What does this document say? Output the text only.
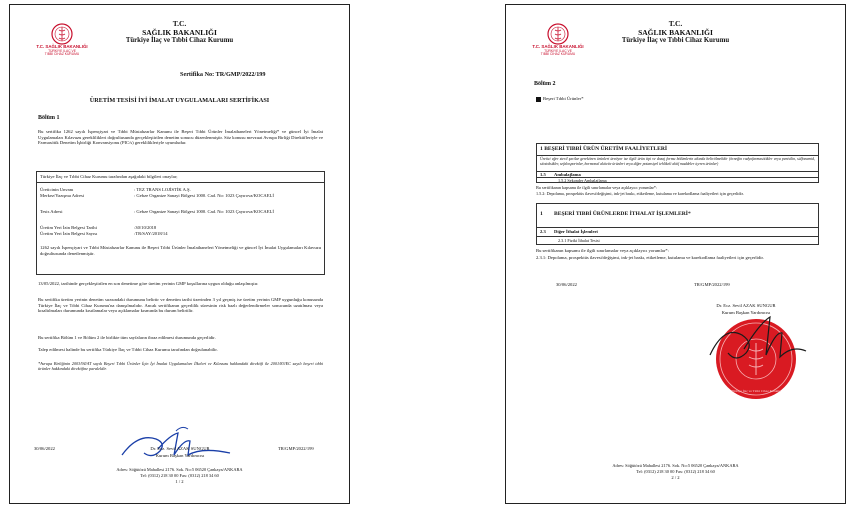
T.C. SAĞLIK BAKANLIĞI
TÜRKİYE İLAÇ VE
TIBBİ CİHAZ KURUMU
T.C.
SAĞLIK BAKANLIĞI
Türkiye İlaç ve Tıbbi Cihaz Kurumu
Sertifika No: TR/GMP/2022/199
ÜRETİM TESİSİ İYİ İMALAT UYGULAMALARI SERTİFİKASI
Bölüm 1
Bu sertifika 1262 sayılı İspençiyari ve Tıbbi Müstahzarlar Kanunu ile Beşeri Tıbbi Ürünler İmalathaneleri Yönetmeliği* ve güncel İyi İmalat Uygulamaları Kılavuzu gereklilikleri doğrultusunda gerçekleştirilen denetim sonucu düzenlenmiştir. Söz konusu mevzuat Avrupa Birliği Direktifleriyle ve Farmasötik Denetim İşbirliği Konvansiyonu (PIC/s) gereklilikleriyle uyumludur.
Türkiye İlaç ve Tıbbi Cihaz Kurumu tarafından aşağıdaki bilgileri onaylar;
Üreticinin Unvanı	: TEZ TRANS LOJİSTİK A.Ş.
Merkez/Yazışma Adresi	: Gebze Organize Sanayi Bölgesi 1000. Cad. No: 1023 Çayırova/KOCAELİ
Tesis Adresi	: Gebze Organize Sanayi Bölgesi 1000. Cad. No: 1023 Çayırova/KOCAELİ
Üretim Yeri İzin Belgesi Tarihi	:30/10/2018
Üretim Yeri İzin Belgesi Sayısı	:TR/SAY/2018/14
1262 sayılı İspençiyari ve Tıbbi Müstahzarlar Kanunu ile Beşeri Tıbbi Ürünler İmalathaneleri Yönetmeliği ve güncel İyi İmalat Uygulamaları Kılavuzu doğrultusunda denetlenmiştir.
13/05/2022, tarihinde gerçekleştirilen en son denetime göre üretim yerinin GMP koşullarına uygun olduğu anlaşılmıştır.
Bu sertifika üretim yerinin denetim sırasındaki durumunu belirtir ve denetim tarihi üzerinden 3 yıl geçmiş ise üretim yerinin GMP uygunluğu konusunda Türkiye İlaç ve Tıbbi Cihaz Kurumu'na danışılmalıdır. Ancak sertifikanın geçerlilik süresinin risk bazlı değerlendirmeler sonucunda uzatılması veya kısaltılmaları durumunda kısıtlamalar veya açıklamalar kısmında bu durum belirtilir.
Bu sertifika Bölüm 1 ve Bölüm 2 ile birlikte tüm sayfaların ibraz edilmesi durumunda geçerlidir.
Talep edilmesi halinde bu sertifika Türkiye İlaç ve Tıbbi Cihaz Kurumu tarafından doğrulanabilir.
*Avrupa Birliğinin 2003/94/AT sayılı Beşeri Tıbbi Ürünler İçin İyi İmalat Uygulamaları İlkeleri ve Kılavuzu hakkındaki direktifi ile 2001/83/EC sayılı beşeri tıbbi ürünler hakkındaki direktifine paraleldir.
30/06/2022	Dr. Ecz. Sevil AZAK SUNGUR
Kurum Başkan Yardımcısı
TR/GMP/2022/199
Adres: Söğütözü Mahallesi 2176. Sok. No:5 06520 Çankaya/ANKARA
Tel: (0312) 218 30 00 Fax: (0312) 218 34 60
1 / 2
T.C. SAĞLIK BAKANLIĞI
TÜRKİYE İLAÇ VE
TIBBİ CİHAZ KURUMU
T.C.
SAĞLIK BAKANLIĞI
Türkiye İlaç ve Tıbbi Cihaz Kurumu
Bölüm 2
Beşeri Tıbbi Ürünler*
1 BEŞERİ TIBBİ ÜRÜN ÜRETİM FAALİYETLERİ
Üretici eğer steril şartlar gerektiren ürünleri üretiyor ise ilgili ürün tipi ve dozaj formu bölümlerin altında belirtilmelidir (örneğin radyofarmasötikler veya penisilin, sülfonamid, sitotoksikler, sefalosporinler, hormonal aktivite ürünleri veya diğer potansiyel tehlikeli aktif maddeler içeren ürünler)
1.5 Ambalajlama
1.5.2 Sekonder Ambalajlama
Bu sertifikanın kapsamı ile ilgili sınırlamalar veya açıklayıcı yorumlar*:
1.5.2: Depolama, prospektüs ilavesi/değişimi, ink-jet baskı, etiketleme, kutulama ve karekodlama faaliyetleri için geçerlidir.
1 BEŞERİ TIBBİ ÜRÜNLERDE İTHALAT İŞLEMLERİ*
2.3 Diğer İthalat İşlemleri
2.3.1 Fiziki İthalat Tesisi
Bu sertifikanın kapsamı ile ilgili sınırlamalar veya açıklayıcı yorumlar*:
2.3.1: Depolama, prospektüs ilavesi/değişimi, ink-jet baskı, etiketleme, kutulama ve karekodlama faaliyetleri için geçerlidir.
30/06/2022	TR/GMP/2022/199
Dr. Ecz. Sevil AZAK SUNGUR
Kurum Başkan Yardımcısı
Türkiye İlaç ve Tıbbi Cihaz Kurumu
Adres: Söğütözü Mahallesi 2176. Sok. No:5 06520 Çankaya/ANKARA
Tel: (0312) 218 30 00 Fax: (0312) 218 34 60
2 / 2
